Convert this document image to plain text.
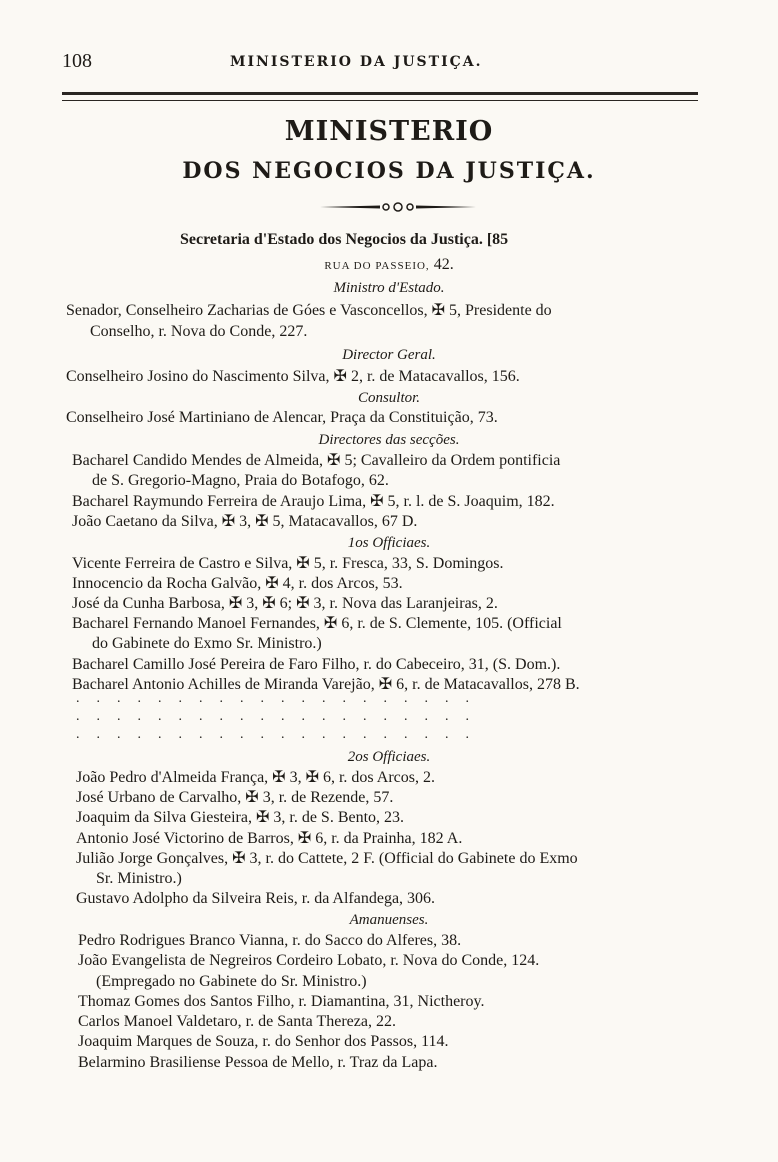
108	MINISTERIO DA JUSTIÇA.
MINISTERIO
DOS NEGOCIOS DA JUSTIÇA.
Secretaria d'Estado dos Negocios da Justiça. [85
RUA DO PASSEIO, 42.
Ministro d'Estado.
Senador, Conselheiro Zacharias de Góes e Vasconcellos, ✠ 5, Presidente do
Conselho, r. Nova do Conde, 227.
Director Geral.
Conselheiro Josino do Nascimento Silva, ✠ 2, r. de Matacavallos, 156.
Consultor.
Conselheiro José Martiniano de Alencar, Praça da Constituição, 73.
Directores das secções.
Bacharel Candido Mendes de Almeida, ✠ 5; Cavalleiro da Ordem pontificia
de S. Gregorio-Magno, Praia do Botafogo, 62.
Bacharel Raymundo Ferreira de Araujo Lima, ✠ 5, r. l. de S. Joaquim, 182.
João Caetano da Silva, ✠ 3, ✠ 5, Matacavallos, 67 D.
1os Officiaes.
Vicente Ferreira de Castro e Silva, ✠ 5, r. Fresca, 33, S. Domingos.
Innocencio da Rocha Galvão, ✠ 4, r. dos Arcos, 53.
José da Cunha Barbosa, ✠ 3, ✠ 6; ✠ 3, r. Nova das Laranjeiras, 2.
Bacharel Fernando Manoel Fernandes, ✠ 6, r. de S. Clemente, 105. (Official
do Gabinete do Exmo Sr. Ministro.)
Bacharel Camillo José Pereira de Faro Filho, r. do Cabeceiro, 31, (S. Dom.).
Bacharel Antonio Achilles de Miranda Varejão, ✠ 6, r. de Matacavallos, 278 B.
....................
....................
....................
2os Officiaes.
João Pedro d'Almeida França, ✠ 3, ✠ 6, r. dos Arcos, 2.
José Urbano de Carvalho, ✠ 3, r. de Rezende, 57.
Joaquim da Silva Giesteira, ✠ 3, r. de S. Bento, 23.
Antonio José Victorino de Barros, ✠ 6, r. da Prainha, 182 A.
Julião Jorge Gonçalves, ✠ 3, r. do Cattete, 2 F. (Official do Gabinete do Exmo
Sr. Ministro.)
Gustavo Adolpho da Silveira Reis, r. da Alfandega, 306.
Amanuenses.
Pedro Rodrigues Branco Vianna, r. do Sacco do Alferes, 38.
João Evangelista de Negreiros Cordeiro Lobato, r. Nova do Conde, 124.
(Empregado no Gabinete do Sr. Ministro.)
Thomaz Gomes dos Santos Filho, r. Diamantina, 31, Nictheroy.
Carlos Manoel Valdetaro, r. de Santa Thereza, 22.
Joaquim Marques de Souza, r. do Senhor dos Passos, 114.
Belarmino Brasiliense Pessoa de Mello, r. Traz da Lapa.
